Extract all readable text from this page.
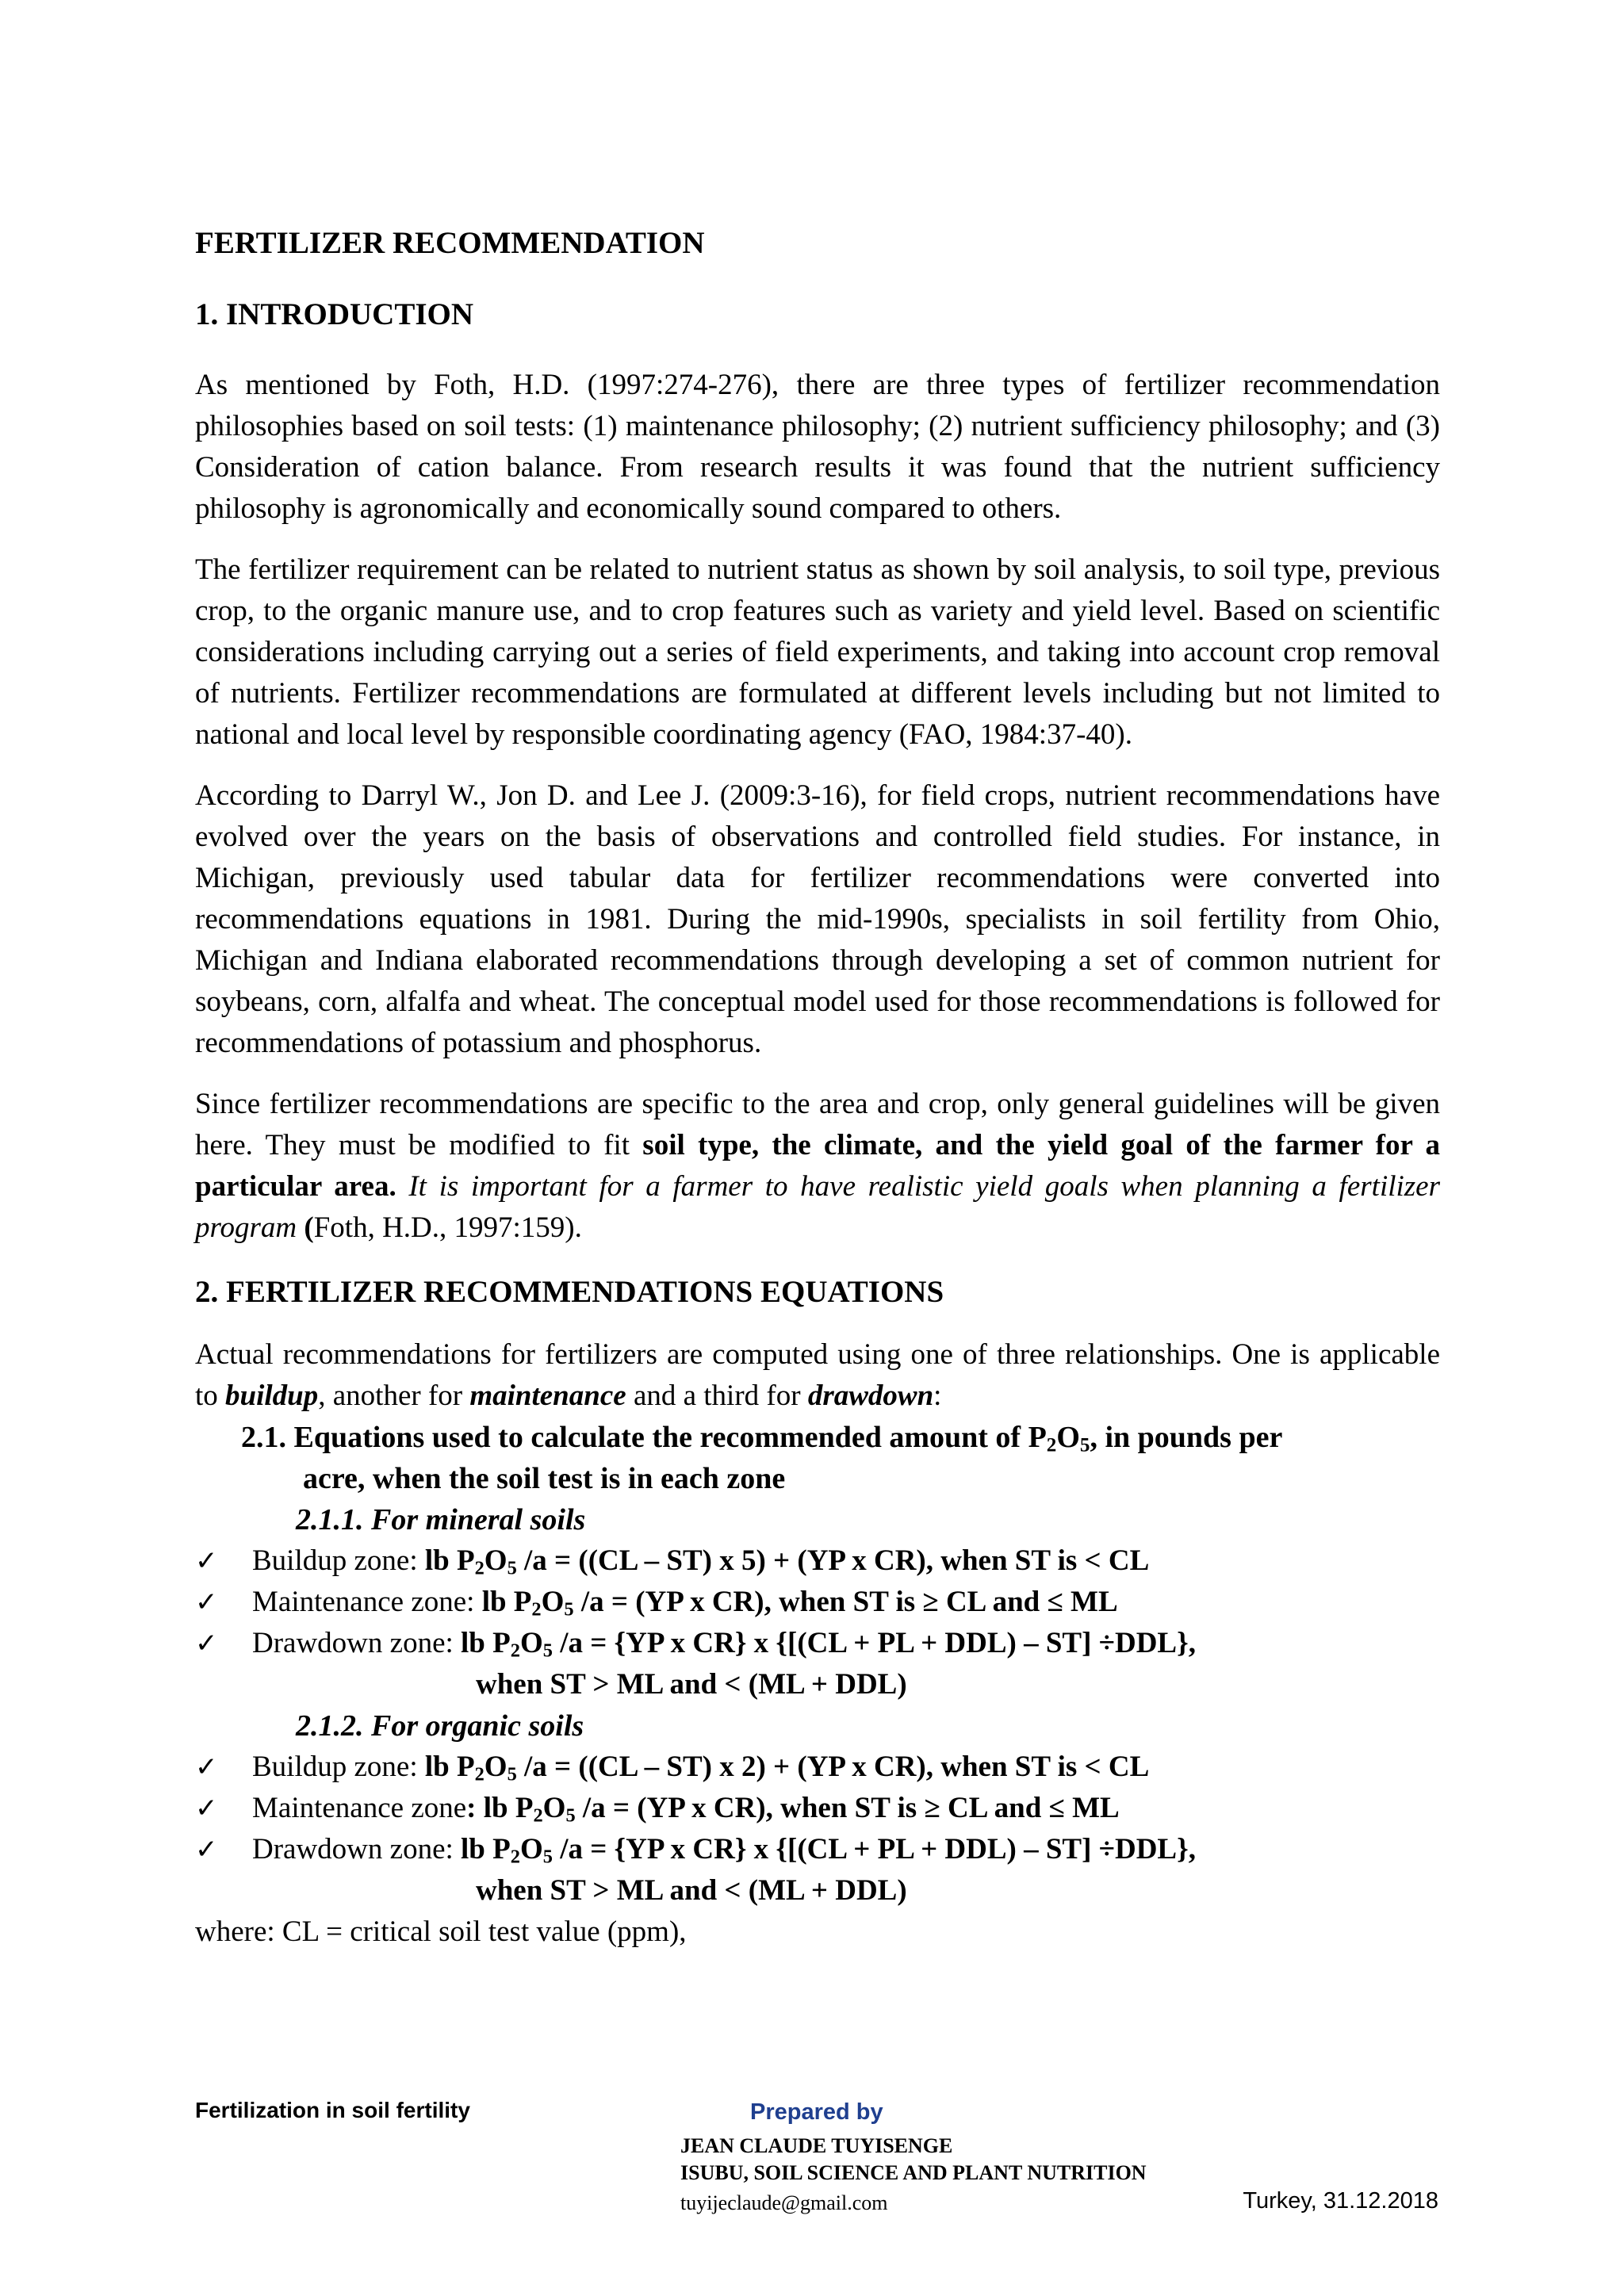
FERTILIZER RECOMMENDATION
1. INTRODUCTION

As mentioned by Foth, H.D. (1997:274-276), there are three types of fertilizer recommendation philosophies based on soil tests: (1) maintenance philosophy; (2) nutrient sufficiency philosophy; and (3) Consideration of cation balance. From research results it was found that the nutrient sufficiency philosophy is agronomically and economically sound compared to others.

The fertilizer requirement can be related to nutrient status as shown by soil analysis, to soil type, previous crop, to the organic manure use, and to crop features such as variety and yield level. Based on scientific considerations including carrying out a series of field experiments, and taking into account crop removal of nutrients. Fertilizer recommendations are formulated at different levels including but not limited to national and local level by responsible coordinating agency (FAO, 1984:37-40).

According to Darryl W., Jon D. and Lee J. (2009:3-16), for field crops, nutrient recommendations have evolved over the years on the basis of observations and controlled field studies. For instance, in Michigan, previously used tabular data for fertilizer recommendations were converted into recommendations equations in 1981. During the mid-1990s, specialists in soil fertility from Ohio, Michigan and Indiana elaborated recommendations through developing a set of common nutrient for soybeans, corn, alfalfa and wheat. The conceptual model used for those recommendations is followed for recommendations of potassium and phosphorus.

Since fertilizer recommendations are specific to the area and crop, only general guidelines will be given here. They must be modified to fit soil type, the climate, and the yield goal of the farmer for a particular area. It is important for a farmer to have realistic yield goals when planning a fertilizer program (Foth, H.D., 1997:159).

2. FERTILIZER RECOMMENDATIONS EQUATIONS

Actual recommendations for fertilizers are computed using one of three relationships. One is applicable to buildup, another for maintenance and a third for drawdown:

2.1. Equations used to calculate the recommended amount of $P_2O_5$, in pounds per
acre, when the soil test is in each zone
2.1.1. For mineral soils
✓	Buildup zone: lb $P_2O_5$ /a = ((CL – ST) x 5) + (YP x CR), when ST is < CL
✓	Maintenance zone: lb $P_2O_5$ /a = (YP x CR), when ST is ≥ CL and ≤ ML
✓	Drawdown zone: lb $P_2O_5$ /a = {YP x CR} x {[(CL + PL + DDL) – ST] ÷DDL},
when ST > ML and < (ML + DDL)
2.1.2. For organic soils
✓	Buildup zone: lb $P_2O_5$ /a = ((CL – ST) x 2) + (YP x CR), when ST is < CL
✓	Maintenance zone: lb $P_2O_5$ /a = (YP x CR), when ST is ≥ CL and ≤ ML
✓	Drawdown zone: lb $P_2O_5$ /a = {YP x CR} x {[(CL + PL + DDL) – ST] ÷DDL},
when ST > ML and < (ML + DDL)

where: CL = critical soil test value (ppm),

Fertilization in soil fertility	Prepared by
JEAN CLAUDE TUYISENGE
ISUBU, SOIL SCIENCE AND PLANT NUTRITION
tuyijeclaude@gmail.com	Turkey, 31.12.2018
